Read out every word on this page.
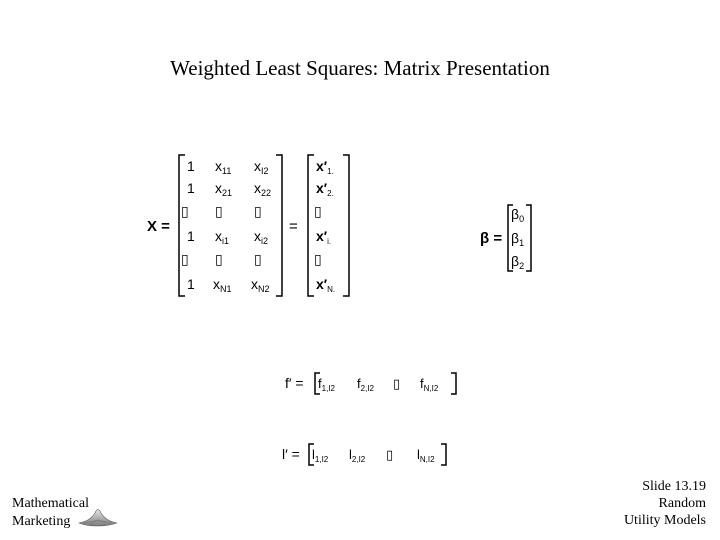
Weighted Least Squares: Matrix Presentation
X =
1 $x_{11}$ $x_{I2}$
1 $x_{21}$ $x_{22}$
▯ ▯ ▯
1 $x_{i1}$ $x_{i2}$
▯ ▯ ▯
1 $x_{N1}$ $x_{N2}$
=
$x'_{1.}$
$x'_{2.}$
▯
$x'_{i.}$
▯
$x'_{N.}$
β =
$\beta_0$
$\beta_1$
$\beta_2$
$f' = f_{1,I2}$ $f_{2,I2}$ ▯ $f_{N,I2}$
$l' = l_{1,I2}$ $l_{2,I2}$ ▯ $l_{N,I2}$
Mathematical
Marketing
Slide 13.19
Random
Utility Models
